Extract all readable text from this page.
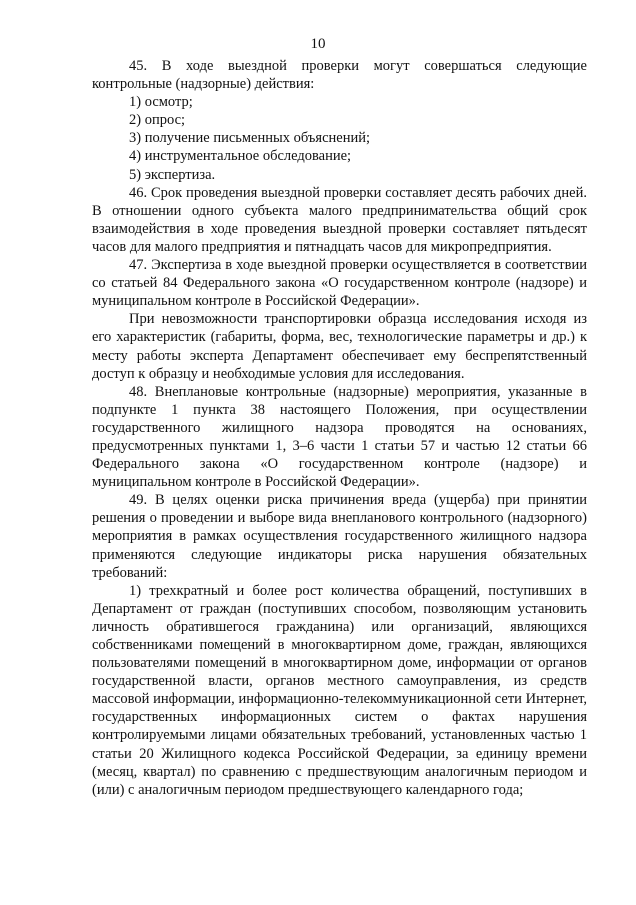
10

45. В ходе выездной проверки могут совершаться следующие контрольные (надзорные) действия:

1) осмотр;

2) опрос;

3) получение письменных объяснений;

4) инструментальное обследование;

5) экспертиза.

46. Срок проведения выездной проверки составляет десять рабочих дней. В отношении одного субъекта малого предпринимательства общий срок взаимодействия в ходе проведения выездной проверки составляет пятьдесят часов для малого предприятия и пятнадцать часов для микропредприятия.

47. Экспертиза в ходе выездной проверки осуществляется в соответствии со статьей 84 Федерального закона «О государственном контроле (надзоре) и муниципальном контроле в Российской Федерации».

При невозможности транспортировки образца исследования исходя из его характеристик (габариты, форма, вес, технологические параметры и др.) к месту работы эксперта Департамент обеспечивает ему беспрепятственный доступ к образцу и необходимые условия для исследования.

48. Внеплановые контрольные (надзорные) мероприятия, указанные в подпункте 1 пункта 38 настоящего Положения, при осуществлении государственного жилищного надзора проводятся на основаниях, предусмотренных пунктами 1, 3–6 части 1 статьи 57 и частью 12 статьи 66 Федерального закона «О государственном контроле (надзоре) и муниципальном контроле в Российской Федерации».

49. В целях оценки риска причинения вреда (ущерба) при принятии решения о проведении и выборе вида внепланового контрольного (надзорного) мероприятия в рамках осуществления государственного жилищного надзора применяются следующие индикаторы риска нарушения обязательных требований:

1) трехкратный и более рост количества обращений, поступивших в Департамент от граждан (поступивших способом, позволяющим установить личность обратившегося гражданина) или организаций, являющихся собственниками помещений в многоквартирном доме, граждан, являющихся пользователями помещений в многоквартирном доме, информации от органов государственной власти, органов местного самоуправления, из средств массовой информации, информационно-телекоммуникационной сети Интернет, государственных информационных систем о фактах нарушения контролируемыми лицами обязательных требований, установленных частью 1 статьи 20 Жилищного кодекса Российской Федерации, за единицу времени (месяц, квартал) по сравнению с предшествующим аналогичным периодом и (или) с аналогичным периодом предшествующего календарного года;
